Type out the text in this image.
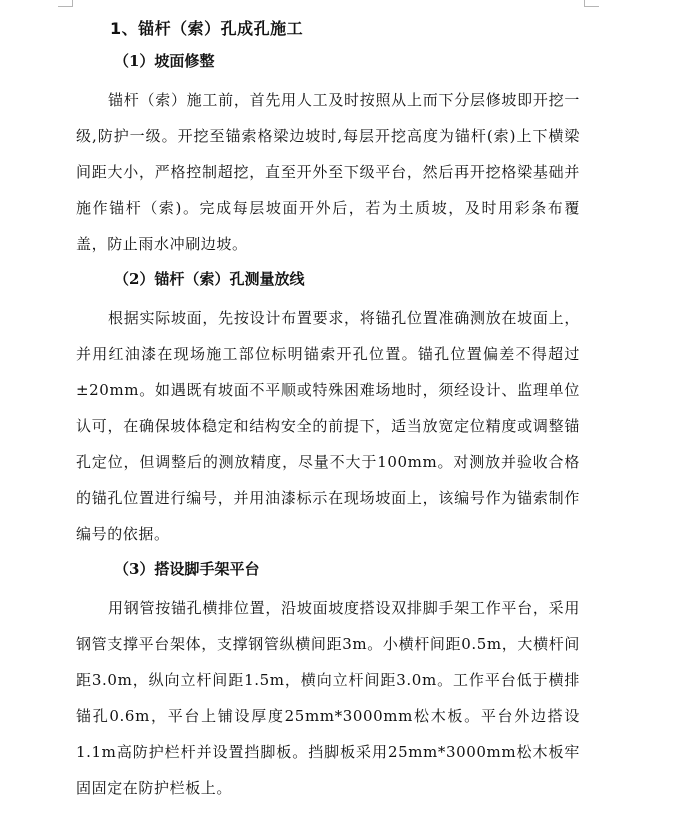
1、锚杆（索）孔成孔施工
（1）坡面修整

锚杆（索）施工前，首先用人工及时按照从上而下分层修坡即开挖一级,防护一级。开挖至锚索格梁边坡时,每层开挖高度为锚杆(索)上下横梁间距大小，严格控制超挖，直至开外至下级平台，然后再开挖格梁基础并施作锚杆（索)。完成每层坡面开外后，若为土质坡，及时用彩条布覆盖，防止雨水冲刷边坡。

（2）锚杆（索）孔测量放线

根据实际坡面，先按设计布置要求，将锚孔位置准确测放在坡面上，并用红油漆在现场施工部位标明锚索开孔位置。锚孔位置偏差不得超过±20mm。如遇既有坡面不平顺或特殊困难场地时，须经设计、监理单位认可，在确保坡体稳定和结构安全的前提下，适当放宽定位精度或调整锚孔定位，但调整后的测放精度，尽量不大于100mm。对测放并验收合格的锚孔位置进行编号，并用油漆标示在现场坡面上，该编号作为锚索制作编号的依据。

（3）搭设脚手架平台

用钢管按锚孔横排位置，沿坡面坡度搭设双排脚手架工作平台，采用钢管支撑平台架体，支撑钢管纵横间距3m。小横杆间距0.5m，大横杆间距3.0m，纵向立杆间距1.5m，横向立杆间距3.0m。工作平台低于横排锚孔0.6m，平台上铺设厚度25mm*3000mm松木板。平台外边搭设1.1m高防护栏杆并设置挡脚板。挡脚板采用25mm*3000mm松木板牢固固定在防护栏板上。
